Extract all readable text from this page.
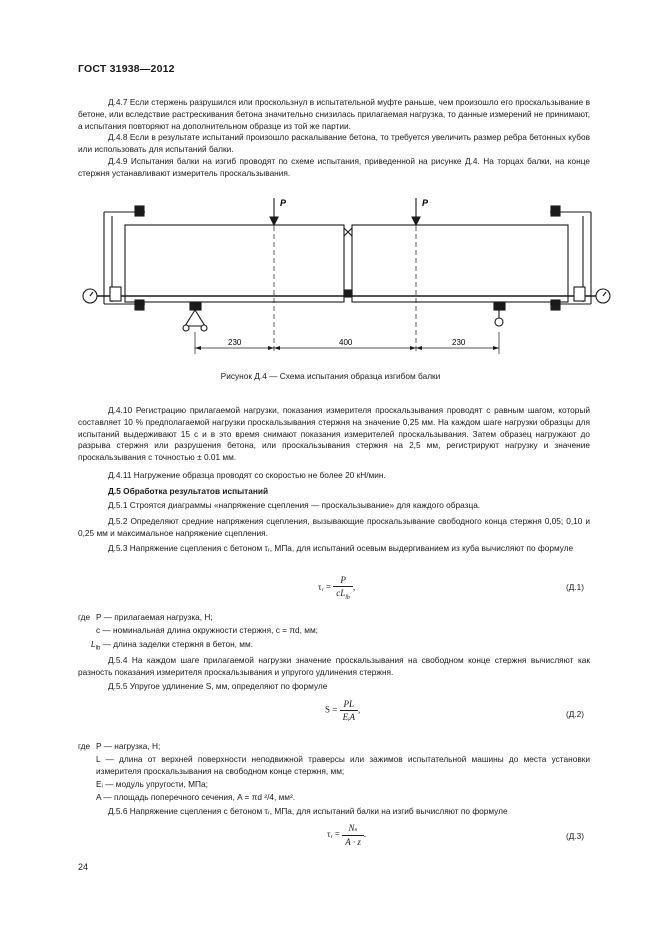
ГОСТ 31938—2012
Д.4.7 Если стержень разрушился или проскользнул в испытательной муфте раньше, чем произошло его проскальзывание в бетоне, или вследствие растрескивания бетона значительно снизилась прилагаемая нагрузка, то данные измерений не принимают, а испытания повторяют на дополнительном образце из той же партии.
Д.4.8 Если в результате испытаний произошло раскалывание бетона, то требуется увеличить размер ребра бетонных кубов или использовать для испытаний балки.
Д.4.9 Испытания балки на изгиб проводят по схеме испытания, приведенной на рисунке Д.4. На торцах балки, на конце стержня устанавливают измеритель проскальзывания.
P	P
230	400	230
Рисунок Д.4 — Схема испытания образца изгибом балки
Д.4.10 Регистрацию прилагаемой нагрузки, показания измерителя проскальзывания проводят с равным шагом, который составляет 10 % предполагаемой нагрузки проскальзывания стержня на значение 0,25 мм. На каждом шаге нагрузки образцы для испытаний выдерживают 15 с и в это время снимают показания измерителей проскальзывания. Затем образец нагружают до разрыва стержня или разрушения бетона, или проскальзывания стержня на 2,5 мм, регистрируют нагрузку и значение проскальзывания с точностью ± 0.01 мм.
Д.4.11 Нагружение образца проводят со скоростью не более 20 кН/мин.
Д.5 Обработка результатов испытаний
Д.5.1 Строятся диаграммы «напряжение сцепления — проскальзывание» для каждого образца.
Д.5.2 Определяют средние напряжения сцепления, вызывающие проскальзывание свободного конца стержня 0,05; 0,10 и 0,25 мм и максимальное напряжение сцепления.
Д.5.3 Напряжение сцепления с бетоном τᵣ, МПа, для испытаний осевым выдергиванием из куба вычисляют по формуле
τᵣ = $\frac{P}{cL_{lb}}$ ,	(Д.1)
где P — прилагаемая нагрузка, Н;
c — номинальная длина окружности стержня, c = πd, мм;
$L_{lb}$ — длина заделки стержня в бетон, мм.
Д.5.4 На каждом шаге прилагаемой нагрузки значение проскальзывания на свободном конце стержня вычисляют как разность показания измерителя проскальзывания и упругого удлинения стержня.
Д.5.5 Упругое удлинение S, мм, определяют по формуле
$S = \frac{PL}{\text{EᵢA}}$ ,	(Д.2)
где P — нагрузка, Н;
L — длина от верхней поверхности неподвижной траверсы или зажимов испытательной машины до места установки измерителя проскальзывания на свободном конце стержня, мм;
Eᵢ — модуль упругости, МПа;
A — площадь поперечного сечения, A = πd ²/4, мм².
Д.5.6 Напряжение сцепления с бетоном τᵣ, МПа, для испытаний балки на изгиб вычисляют по формуле
τᵣ = $\frac{\text{Nₛ}}{A \cdot z}$ .	(Д.3)
24
